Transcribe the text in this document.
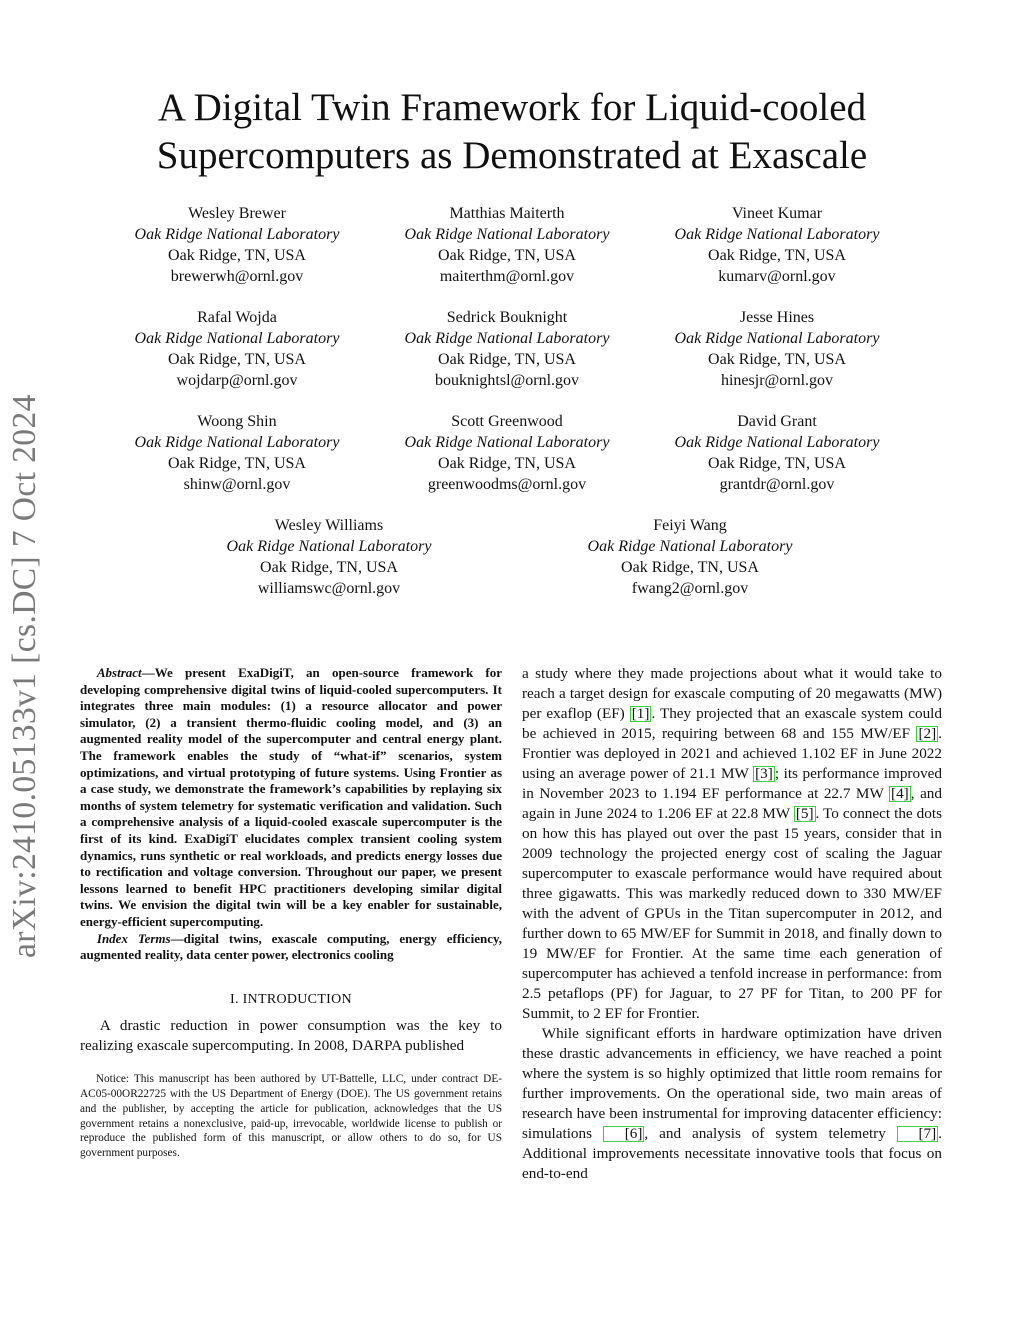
arXiv:2410.05133v1 [cs.DC] 7 Oct 2024
A Digital Twin Framework for Liquid-cooled
Supercomputers as Demonstrated at Exascale
Wesley Brewer
Oak Ridge National Laboratory
Oak Ridge, TN, USA
brewerwh@ornl.gov
Matthias Maiterth
Oak Ridge National Laboratory
Oak Ridge, TN, USA
maiterthm@ornl.gov
Vineet Kumar
Oak Ridge National Laboratory
Oak Ridge, TN, USA
kumarv@ornl.gov
Rafal Wojda
Oak Ridge National Laboratory
Oak Ridge, TN, USA
wojdarp@ornl.gov
Sedrick Bouknight
Oak Ridge National Laboratory
Oak Ridge, TN, USA
bouknightsl@ornl.gov
Jesse Hines
Oak Ridge National Laboratory
Oak Ridge, TN, USA
hinesjr@ornl.gov
Woong Shin
Oak Ridge National Laboratory
Oak Ridge, TN, USA
shinw@ornl.gov
Scott Greenwood
Oak Ridge National Laboratory
Oak Ridge, TN, USA
greenwoodms@ornl.gov
David Grant
Oak Ridge National Laboratory
Oak Ridge, TN, USA
grantdr@ornl.gov
Wesley Williams
Oak Ridge National Laboratory
Oak Ridge, TN, USA
williamswc@ornl.gov
Feiyi Wang
Oak Ridge National Laboratory
Oak Ridge, TN, USA
fwang2@ornl.gov

Abstract—We present ExaDigiT, an open-source framework for developing comprehensive digital twins of liquid-cooled supercomputers. It integrates three main modules: (1) a resource allocator and power simulator, (2) a transient thermo-fluidic cooling model, and (3) an augmented reality model of the supercomputer and central energy plant. The framework enables the study of “what-if” scenarios, system optimizations, and virtual prototyping of future systems. Using Frontier as a case study, we demonstrate the framework’s capabilities by replaying six months of system telemetry for systematic verification and validation. Such a comprehensive analysis of a liquid-cooled exascale supercomputer is the first of its kind. ExaDigiT elucidates complex transient cooling system dynamics, runs synthetic or real workloads, and predicts energy losses due to rectification and voltage conversion. Throughout our paper, we present lessons learned to benefit HPC practitioners developing similar digital twins. We envision the digital twin will be a key enabler for sustainable, energy-efficient supercomputing.

Index Terms—digital twins, exascale computing, energy efficiency, augmented reality, data center power, electronics cooling

I. INTRODUCTION

A drastic reduction in power consumption was the key to realizing exascale supercomputing. In 2008, DARPA published

Notice: This manuscript has been authored by UT-Battelle, LLC, under contract DE-AC05-00OR22725 with the US Department of Energy (DOE). The US government retains and the publisher, by accepting the article for publication, acknowledges that the US government retains a nonexclusive, paid-up, irrevocable, worldwide license to publish or reproduce the published form of this manuscript, or allow others to do so, for US government purposes.

a study where they made projections about what it would take to reach a target design for exascale computing of 20 megawatts (MW) per exaflop (EF) [1] . They projected that an exascale system could be achieved in 2015, requiring between 68 and 155 MW/EF [2] . Frontier was deployed in 2021 and achieved 1.102 EF in June 2022 using an average power of 21.1 MW [3] ; its performance improved in November 2023 to 1.194 EF performance at 22.7 MW [4] , and again in June 2024 to 1.206 EF at 22.8 MW [5] . To connect the dots on how this has played out over the past 15 years, consider that in 2009 technology the projected energy cost of scaling the Jaguar supercomputer to exascale performance would have required about three gigawatts. This was markedly reduced down to 330 MW/EF with the advent of GPUs in the Titan supercomputer in 2012, and further down to 65 MW/EF for Summit in 2018, and finally down to 19 MW/EF for Frontier. At the same time each generation of supercomputer has achieved a tenfold increase in performance: from 2.5 petaflops (PF) for Jaguar, to 27 PF for Titan, to 200 PF for Summit, to 2 EF for Frontier.

While significant efforts in hardware optimization have driven these drastic advancements in efficiency, we have reached a point where the system is so highly optimized that little room remains for further improvements. On the operational side, two main areas of research have been instrumental for improving datacenter efficiency: simulations [6] , and analysis of system telemetry [7] . Additional improvements necessitate innovative tools that focus on end-to-end
